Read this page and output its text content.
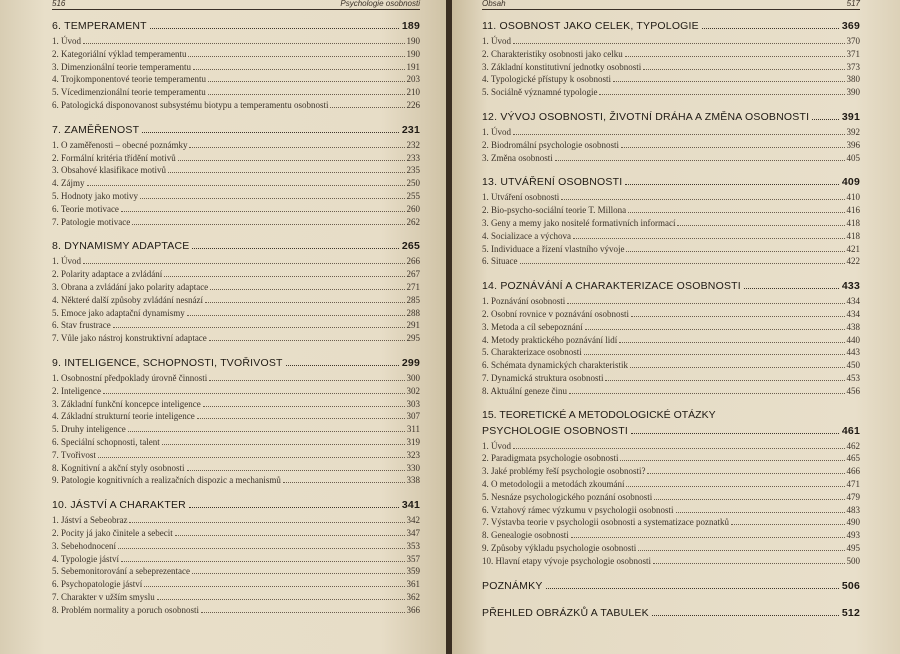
516	Psychologie osobnosti
6. TEMPERAMENT	189
1. Úvod	190
2. Kategoriální výklad temperamentu	190
3. Dimenzionální teorie temperamentu	191
4. Trojkomponentové teorie temperamentu	203
5. Vícedimenzionální teorie temperamentu	210
6. Patologická disponovanost subsystému biotypu a temperamentu osobnosti	226
7. ZAMĚŘENOST	231
1. O zaměřenosti – obecné poznámky	232
2. Formální kritéria třídění motivů	233
3. Obsahové klasifikace motivů	235
4. Zájmy	250
5. Hodnoty jako motivy	255
6. Teorie motivace	260
7. Patologie motivace	262
8. DYNAMISMY ADAPTACE	265
1. Úvod	266
2. Polarity adaptace a zvládání	267
3. Obrana a zvládání jako polarity adaptace	271
4. Některé další způsoby zvládání nesnází	285
5. Emoce jako adaptační dynamismy	288
6. Stav frustrace	291
7. Vůle jako nástroj konstruktivní adaptace	295
9. INTELIGENCE, SCHOPNOSTI, TVOŘIVOST	299
1. Osobnostní předpoklady úrovně činnosti	300
2. Inteligence	302
3. Základní funkční koncepce inteligence	303
4. Základní strukturní teorie inteligence	307
5. Druhy inteligence	311
6. Speciální schopnosti, talent	319
7. Tvořivost	323
8. Kognitivní a akční styly osobnosti	330
9. Patologie kognitivních a realizačních dispozic a mechanismů	338
10. JÁSTVÍ A CHARAKTER	341
1. Jáství a Sebeobraz	342
2. Pocity já jako činitele a sebecit	347
3. Sebehodnocení	353
4. Typologie jáství	357
5. Sebemonitorování a sebeprezentace	359
6. Psychopatologie jáství	361
7. Charakter v užším smyslu	362
8. Problém normality a poruch osobnosti	366
Obsah	517
11. OSOBNOST JAKO CELEK, TYPOLOGIE	369
1. Úvod	370
2. Charakteristiky osobnosti jako celku	371
3. Základní konstitutivní jednotky osobnosti	373
4. Typologické přístupy k osobnosti	380
5. Sociálně významné typologie	390
12. VÝVOJ OSOBNOSTI, ŽIVOTNÍ DRÁHA A ZMĚNA OSOBNOSTI	391
1. Úvod	392
2. Biodromální psychologie osobnosti	396
3. Změna osobnosti	405
13. UTVÁŘENÍ OSOBNOSTI	409
1. Utváření osobnosti	410
2. Bio-psycho-sociální teorie T. Millona	416
3. Geny a memy jako nositelé formativních informací	418
4. Socializace a výchova	418
5. Individuace a řízení vlastního vývoje	421
6. Situace	422
14. POZNÁVÁNÍ A CHARAKTERIZACE OSOBNOSTI	433
1. Poznávání osobnosti	434
2. Osobní rovnice v poznávání osobnosti	434
3. Metoda a cíl sebepoznání	438
4. Metody praktického poznávání lidí	440
5. Charakterizace osobnosti	443
6. Schémata dynamických charakteristik	450
7. Dynamická struktura osobnosti	453
8. Aktuální geneze činu	456
15. TEORETICKÉ A METODOLOGICKÉ OTÁZKY
PSYCHOLOGIE OSOBNOSTI	461
1. Úvod	462
2. Paradigmata psychologie osobnosti	465
3. Jaké problémy řeší psychologie osobnosti?	466
4. O metodologii a metodách zkoumání	471
5. Nesnáze psychologického poznání osobnosti	479
6. Vztahový rámec výzkumu v psychologii osobnosti	483
7. Výstavba teorie v psychologii osobnosti a systematizace poznatků	490
8. Genealogie osobnosti	493
9. Způsoby výkladu psychologie osobnosti	495
10. Hlavní etapy vývoje psychologie osobnosti	500
POZNÁMKY	506
PŘEHLED OBRÁZKŮ A TABULEK	512
